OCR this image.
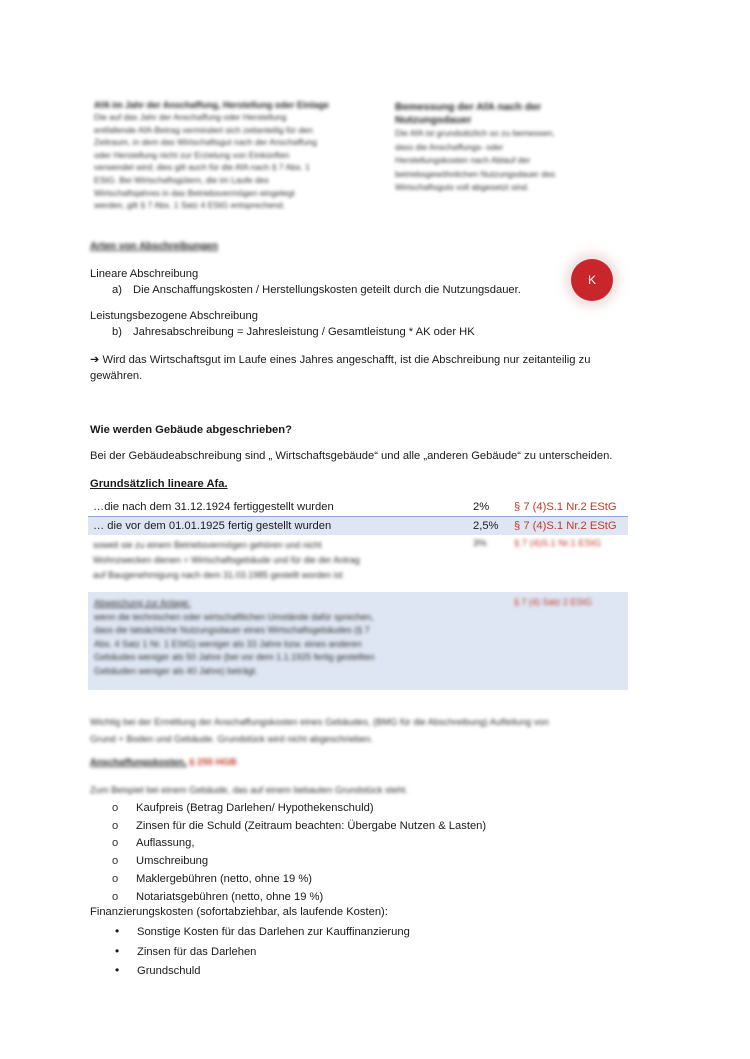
AfA im Jahr der Anschaffung, Herstellung oder Einlage
Die auf das Jahr der Anschaffung oder Herstellung
entfallende AfA-Betrag vermindert sich zeitanteilig für den
Zeitraum, in dem das Wirtschaftsgut nach der Anschaffung
oder Herstellung nicht zur Erzielung von Einkünften
verwendet wird; dies gilt auch für die AfA nach § 7 Abs. 1
EStG. Bei Wirtschaftsgütern, die im Laufe des
Wirtschaftsjahres in das Betriebsvermögen eingelegt
werden, gilt § 7 Abs. 1 Satz 4 EStG entsprechend.
Bemessung der AfA nach der
Nutzungsdauer
Die AfA ist grundsätzlich so zu bemessen,
dass die Anschaffungs- oder
Herstellungskosten nach Ablauf der
betriebsgewöhnlichen Nutzungsdauer des
Wirtschaftsguts voll abgesetzt sind.
Arten von Abschreibungen
K
Lineare Abschreibung
a) Die Anschaffungskosten / Herstellungskosten geteilt durch die Nutzungsdauer.
Leistungsbezogene Abschreibung
b) Jahresabschreibung = Jahresleistung / Gesamtleistung * AK oder HK
➔ Wird das Wirtschaftsgut im Laufe eines Jahres angeschafft, ist die Abschreibung nur zeitanteilig zu
gewähren.
Wie werden Gebäude abgeschrieben?
Bei der Gebäudeabschreibung sind „ Wirtschaftsgebäude“ und alle „anderen Gebäude“ zu unterscheiden.
Grundsätzlich lineare Afa.
…die nach dem 31.12.1924 fertiggestellt wurden	2% § 7 (4)S.1 Nr.2 EStG
… die vor dem 01.01.1925 fertig gestellt wurden	2,5% § 7 (4)S.1 Nr.2 EStG
soweit sie zu einem Betriebsvermögen gehören und nicht
Wohnzwecken dienen = Wirtschaftsgebäude und für die der Antrag
auf Baugenehmigung nach dem 31.03.1985 gestellt worden ist
3%	§ 7 (4)S.1 Nr.1 EStG
Abweichung zur Anlage:
wenn die technischen oder wirtschaftlichen Umstände dafür sprechen,
dass die tatsächliche Nutzungsdauer eines Wirtschaftsgebäudes (§ 7
Abs. 4 Satz 1 Nr. 1 EStG) weniger als 33 Jahre bzw. eines anderen
Gebäudes weniger als 50 Jahre (bei vor dem 1.1.1925 fertig gestellten
Gebäuden weniger als 40 Jahre) beträgt.
§ 7 (4) Satz 2 EStG
Wichtig bei der Ermittlung der Anschaffungskosten eines Gebäudes, (BMG für die Abschreibung) Aufteilung von
Grund + Boden und Gebäude. Grundstück wird nicht abgeschrieben.
Anschaffungskosten, § 255 HGB
Zum Beispiel bei einem Gebäude, das auf einem bebauten Grundstück steht.
o Kaufpreis (Betrag Darlehen/ Hypothekenschuld)
o Zinsen für die Schuld (Zeitraum beachten: Übergabe Nutzen & Lasten)
o Auflassung,
o Umschreibung
o Maklergebühren (netto, ohne 19 %)
o Notariatsgebühren (netto, ohne 19 %)
Finanzierungskosten (sofortabziehbar, als laufende Kosten):
• Sonstige Kosten für das Darlehen zur Kauffinanzierung
• Zinsen für das Darlehen
• Grundschuld
